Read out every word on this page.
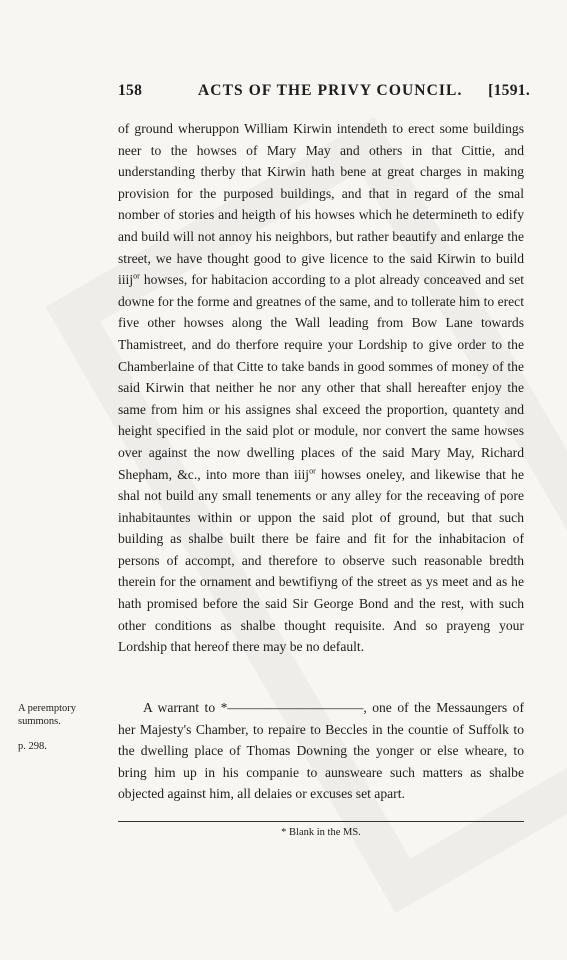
158	ACTS OF THE PRIVY COUNCIL. [1591.
A peremptory summons.
p. 298.
of ground wheruppon William Kirwin intendeth to erect some buildings neer to the howses of Mary May and others in that Cittie, and understanding therby that Kirwin hath bene at great charges in making provision for the purposed buildings, and that in regard of the smal nomber of stories and heigth of his howses which he determineth to edify and build will not annoy his neighbors, but rather beautify and enlarge the street, we have thought good to give licence to the said Kirwin to build iiij$^{or}$ howses, for habitacion according to a plot already conceaved and set downe for the forme and greatnes of the same, and to tollerate him to erect five other howses along the Wall leading from Bow Lane towards Thamistreet, and do therfore require your Lordship to give order to the Chamberlaine of that Citte to take bands in good sommes of money of the said Kirwin that neither he nor any other that shall hereafter enjoy the same from him or his assignes shal exceed the proportion, quantety and height specified in the said plot or module, nor convert the same howses over against the now dwelling places of the said Mary May, Richard Shepham, &c., into more than iiij$^{or}$ howses oneley, and likewise that he shal not build any small tenements or any alley for the receaving of pore inhabitauntes within or uppon the said plot of ground, but that such building as shalbe built there be faire and fit for the inhabitacion of persons of accompt, and therefore to observe such reasonable bredth therein for the ornament and bewtifiyng of the street as ys meet and as he hath promised before the said Sir George Bond and the rest, with such other conditions as shalbe thought requisite. And so prayeng your Lordship that hereof there may be no default.
A warrant to *——————————, one of the Messaungers of her Majesty's Chamber, to repaire to Beccles in the countie of Suffolk to the dwelling place of Thomas Downing the yonger or else wheare, to bring him up in his companie to aunsweare such matters as shalbe objected against him, all delaies or excuses set apart.
* Blank in the MS.
